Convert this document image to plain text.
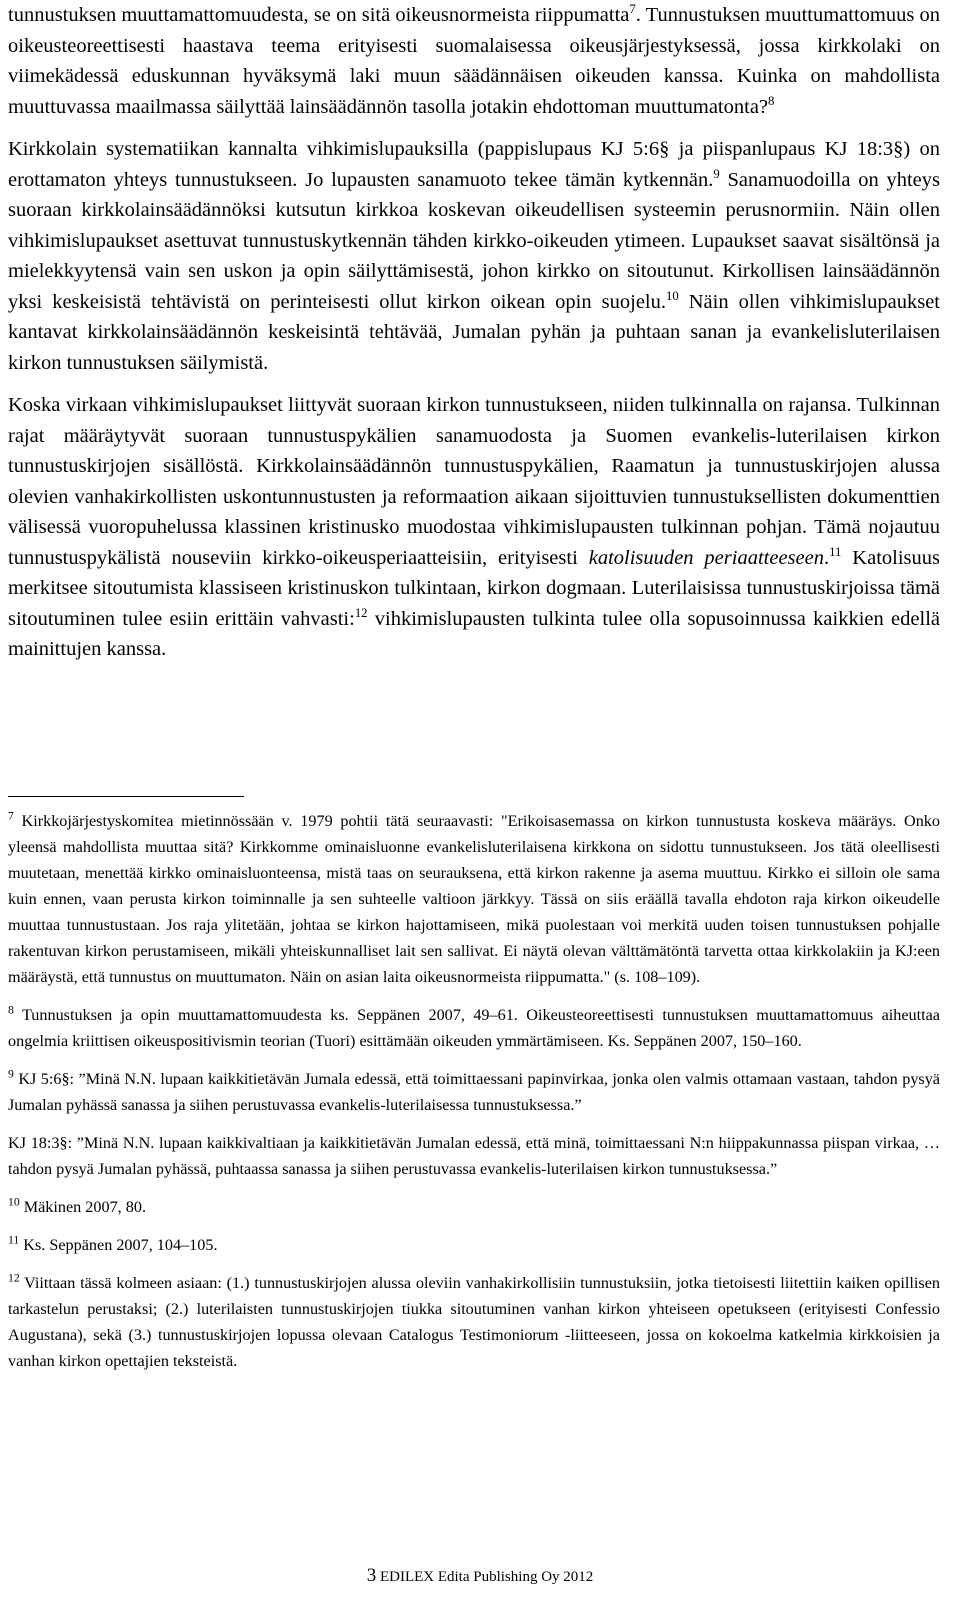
tunnustuksen muuttamattomuudesta, se on sitä oikeusnormeista riippumatta$^7$. Tunnustuksen muuttumattomuus on oikeusteoreettisesti haastava teema erityisesti suomalaisessa oikeusjärjestyksessä, jossa kirkkolaki on viimekädessä eduskunnan hyväksymä laki muun säädännäisen oikeuden kanssa. Kuinka on mahdollista muuttuvassa maailmassa säilyttää lainsäädännön tasolla jotakin ehdottoman muuttumatonta?$^8$

Kirkkolain systematiikan kannalta vihkimislupauksilla (pappislupaus KJ 5:6§ ja piispanlupaus KJ 18:3§) on erottamaton yhteys tunnustukseen. Jo lupausten sanamuoto tekee tämän kytkennän.$^9$ Sanamuodoilla on yhteys suoraan kirkkolainsäädännöksi kutsutun kirkkoa koskevan oikeudellisen systeemin perusnormiin. Näin ollen vihkimislupaukset asettuvat tunnustuskytkennän tähden kirkko-oikeuden ytimeen. Lupaukset saavat sisältönsä ja mielekkyytensä vain sen uskon ja opin säilyttämisestä, johon kirkko on sitoutunut. Kirkollisen lainsäädännön yksi keskeisistä tehtävistä on perinteisesti ollut kirkon oikean opin suojelu.$^{10}$ Näin ollen vihkimislupaukset kantavat kirkkolainsäädännön keskeisintä tehtävää, Jumalan pyhän ja puhtaan sanan ja evankelisluterilaisen kirkon tunnustuksen säilymistä.

Koska virkaan vihkimislupaukset liittyvät suoraan kirkon tunnustukseen, niiden tulkinnalla on rajansa. Tulkinnan rajat määräytyvät suoraan tunnustuspykälien sanamuodosta ja Suomen evankelis-luterilaisen kirkon tunnustuskirjojen sisällöstä. Kirkkolainsäädännön tunnustuspykälien, Raamatun ja tunnustuskirjojen alussa olevien vanhakirkollisten uskontunnustusten ja reformaation aikaan sijoittuvien tunnustuksellisten dokumenttien välisessä vuoropuhelussa klassinen kristinusko muodostaa vihkimislupausten tulkinnan pohjan. Tämä nojautuu tunnustuspykälistä nouseviin kirkko-oikeusperiaatteisiin, erityisesti katolisuuden periaatteeseen.$^{11}$ Katolisuus merkitsee sitoutumista klassiseen kristinuskon tulkintaan, kirkon dogmaan. Luterilaisissa tunnustuskirjoissa tämä sitoutuminen tulee esiin erittäin vahvasti:$^{12}$ vihkimislupausten tulkinta tulee olla sopusoinnussa kaikkien edellä mainittujen kanssa.

$^7$ Kirkkojärjestyskomitea mietinnössään v. 1979 pohtii tätä seuraavasti: "Erikoisasemassa on kirkon tunnustusta koskeva määräys. Onko yleensä mahdollista muuttaa sitä? Kirkkomme ominaisluonne evankelisluterilaisena kirkkona on sidottu tunnustukseen. Jos tätä oleellisesti muutetaan, menettää kirkko ominaisluonteensa, mistä taas on seurauksena, että kirkon rakenne ja asema muuttuu. Kirkko ei silloin ole sama kuin ennen, vaan perusta kirkon toiminnalle ja sen suhteelle valtioon järkkyy. Tässä on siis eräällä tavalla ehdoton raja kirkon oikeudelle muuttaa tunnustustaan. Jos raja ylitetään, johtaa se kirkon hajottamiseen, mikä puolestaan voi merkitä uuden toisen tunnustuksen pohjalle rakentuvan kirkon perustamiseen, mikäli yhteiskunnalliset lait sen sallivat. Ei näytä olevan välttämätöntä tarvetta ottaa kirkkolakiin ja KJ:een määräystä, että tunnustus on muuttumaton. Näin on asian laita oikeusnormeista riippumatta." (s. 108–109).

$^8$ Tunnustuksen ja opin muuttamattomuudesta ks. Seppänen 2007, 49–61. Oikeusteoreettisesti tunnustuksen muuttamattomuus aiheuttaa ongelmia kriittisen oikeuspositivismin teorian (Tuori) esittämään oikeuden ymmärtämiseen. Ks. Seppänen 2007, 150–160.

$^9$ KJ 5:6§: ”Minä N.N. lupaan kaikkitietävän Jumala edessä, että toimittaessani papinvirkaa, jonka olen valmis ottamaan vastaan, tahdon pysyä Jumalan pyhässä sanassa ja siihen perustuvassa evankelis-luterilaisessa tunnustuksessa.”

KJ 18:3§: ”Minä N.N. lupaan kaikkivaltiaan ja kaikkitietävän Jumalan edessä, että minä, toimittaessani N:n hiippakunnassa piispan virkaa, … tahdon pysyä Jumalan pyhässä, puhtaassa sanassa ja siihen perustuvassa evankelis-luterilaisen kirkon tunnustuksessa.”

$^{10}$ Mäkinen 2007, 80.

$^{11}$ Ks. Seppänen 2007, 104–105.

$^{12}$ Viittaan tässä kolmeen asiaan: (1.) tunnustuskirjojen alussa oleviin vanhakirkollisiin tunnustuksiin, jotka tietoisesti liitettiin kaiken opillisen tarkastelun perustaksi; (2.) luterilaisten tunnustuskirjojen tiukka sitoutuminen vanhan kirkon yhteiseen opetukseen (erityisesti Confessio Augustana), sekä (3.) tunnustuskirjojen lopussa olevaan Catalogus Testimoniorum -liitteeseen, jossa on kokoelma katkelmia kirkkoisien ja vanhan kirkon opettajien teksteistä.

3 EDILEX Edita Publishing Oy 2012
